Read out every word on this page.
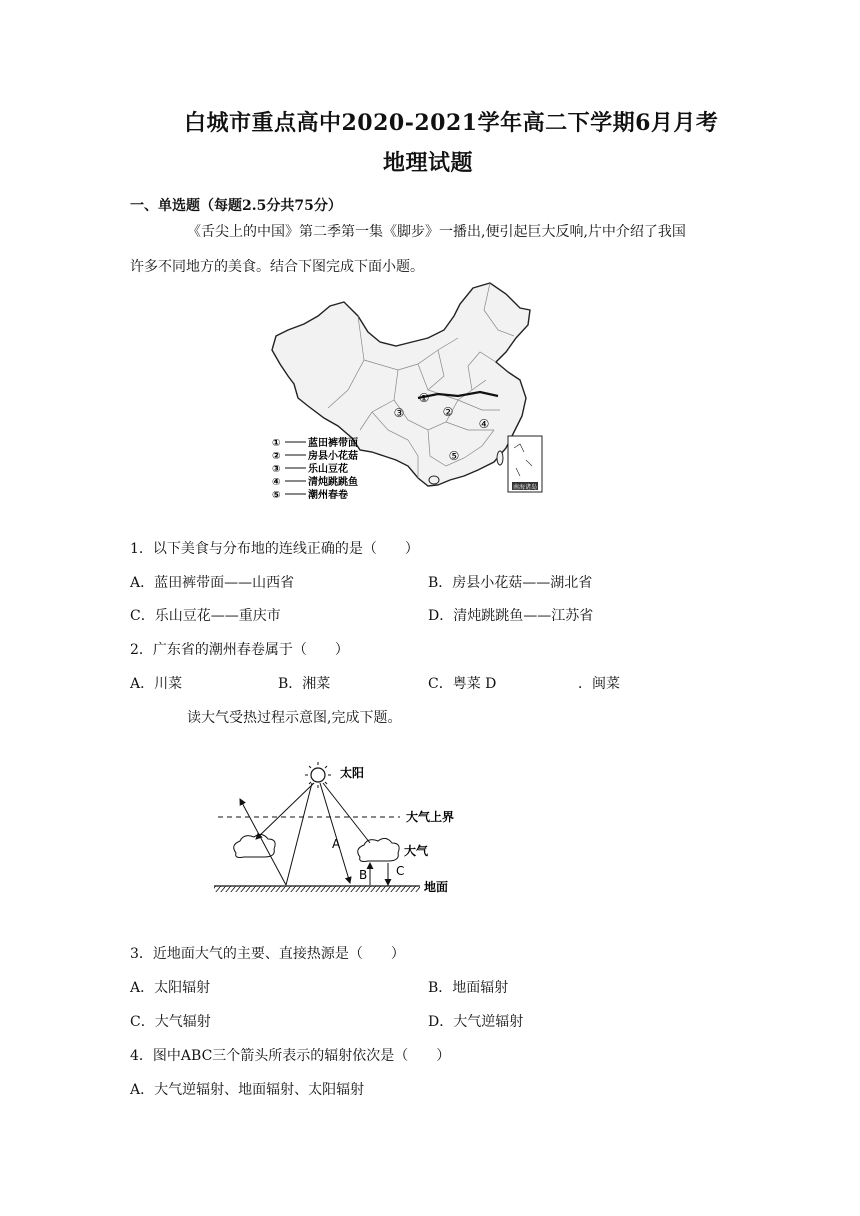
白城市重点高中2020-2021学年高二下学期6月月考
地理试题
一、单选题（每题2.5分共75分）
《舌尖上的中国》第二季第一集《脚步》一播出,便引起巨大反响,片中介绍了我国
许多不同地方的美食。结合下图完成下面小题。
①
②
③
④
⑤
①	蓝田裤带面
②	房县小花菇
③	乐山豆花
④	清炖跳跳鱼
⑤	潮州春卷
南海诸岛
1．以下美食与分布地的连线正确的是（　　）
A．蓝田裤带面——山西省	B．房县小花菇——湖北省
C．乐山豆花——重庆市	D．清炖跳跳鱼——江苏省
2．广东省的潮州春卷属于（　　）
A．川菜	B．湘菜	C．粤菜 D	．闽菜
读大气受热过程示意图,完成下题。
太阳
大气上界
大气
A
B C
地面
3．近地面大气的主要、直接热源是（　　）
A．太阳辐射	B．地面辐射
C．大气辐射	D．大气逆辐射
4．图中ABC三个箭头所表示的辐射依次是（　　）
A．大气逆辐射、地面辐射、太阳辐射
